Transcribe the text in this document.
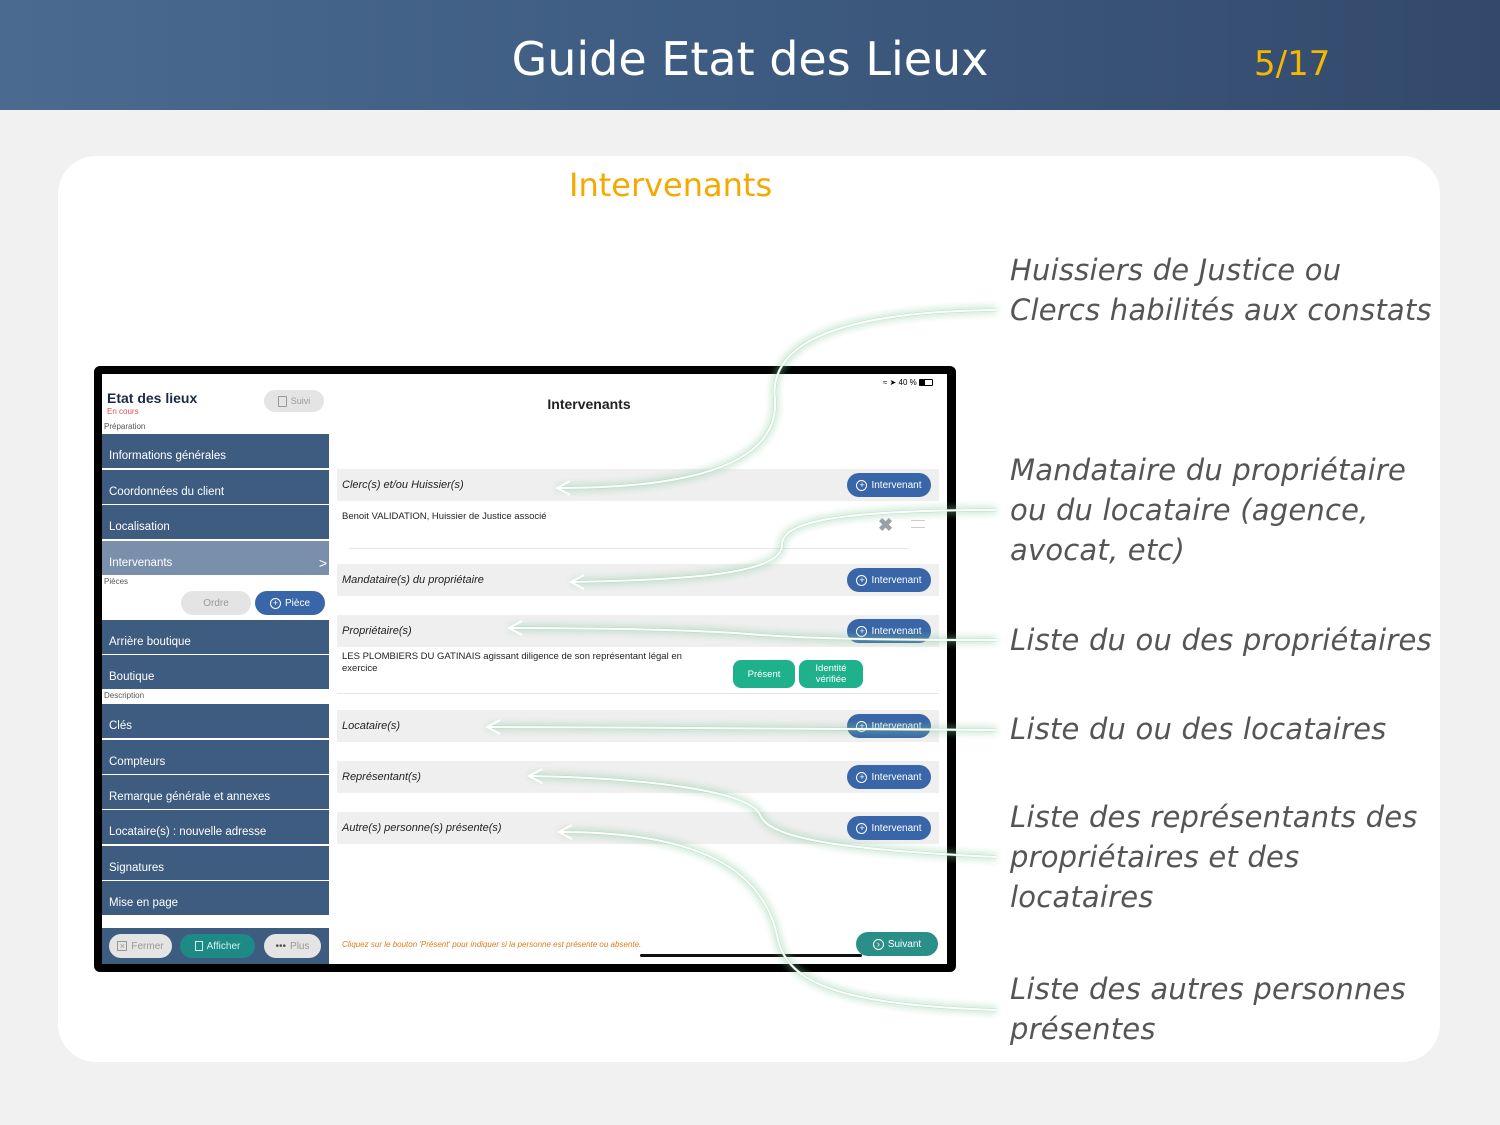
Guide Etat des Lieux	5/17
Intervenants
Huissiers de Justice ou
Clercs habilités aux constats
Mandataire du propriétaire
ou du locataire (agence,
avocat, etc)
Liste du ou des propriétaires
Liste du ou des locataires
Liste des représentants des
propriétaires et des
locataires
Liste des autres personnes
présentes
≈ ➤ 40 %
Etat des lieux
En cours
Suivi
Préparation
Informations générales
Coordonnées du client
Localisation
Intervenants	>
Pièces
Ordre	+ Pièce
Arrière boutique
Boutique
Description
Clés
Compteurs
Remarque générale et annexes
Locataire(s) : nouvelle adresse
Signatures
Mise en page
× Fermer	Afficher	••• Plus
Intervenants
Clerc(s) et/ou Huissier(s)	+ Intervenant
Benoit VALIDATION, Huissier de Justice associé	✖
Mandataire(s) du propriétaire	+ Intervenant
Propriétaire(s)	+ Intervenant
LES PLOMBIERS DU GATINAIS agissant diligence de son représentant légal en exercice	Présent	Identité vérifiée
Locataire(s)	+ Intervenant
Représentant(s)	+ Intervenant
Autre(s) personne(s) présente(s)	+ Intervenant
Cliquez sur le bouton 'Présent' pour indiquer si la personne est présente ou absente.	› Suivant
